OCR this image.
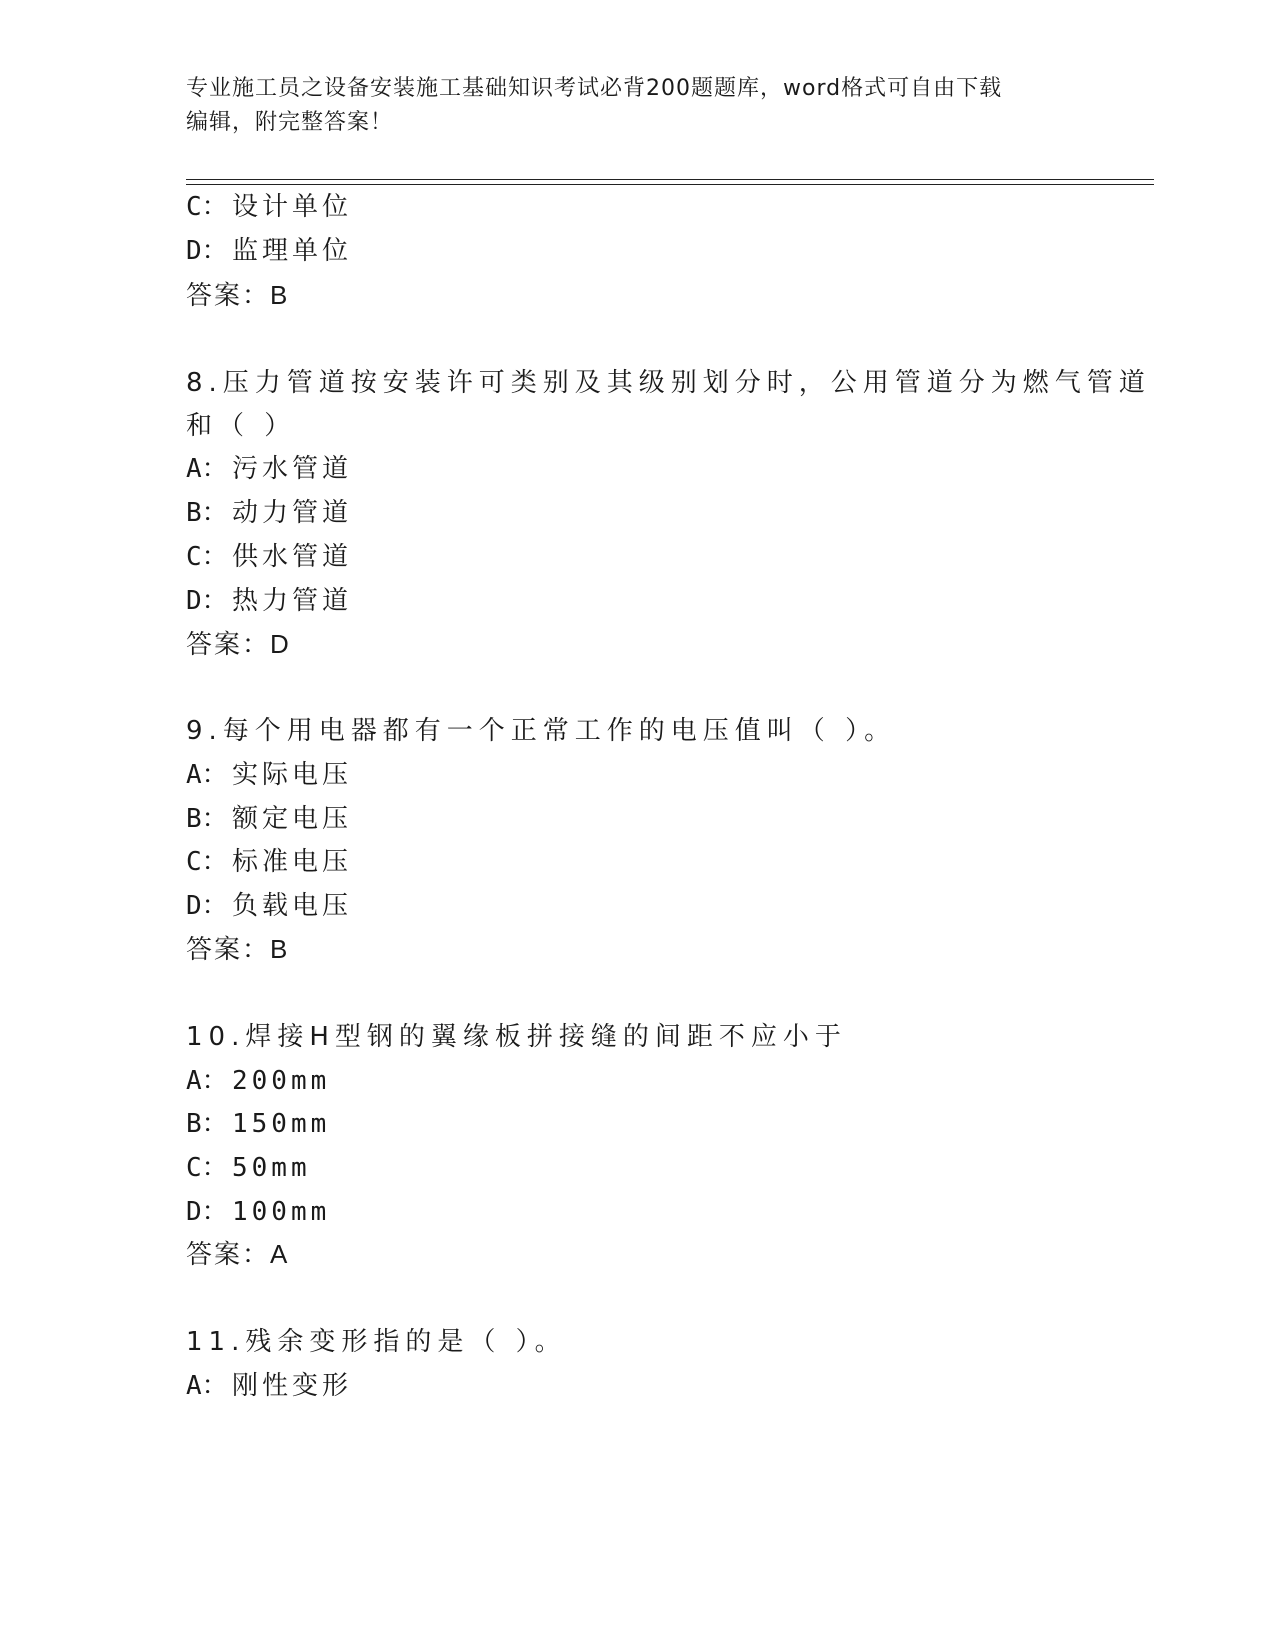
专业施工员之设备安装施工基础知识考试必背200题题库，word格式可自由下载
编辑，附完整答案！
C： 设计单位
D： 监理单位
答案：B
8.压力管道按安装许可类别及其级别划分时，公用管道分为燃气管道
和（ ）
A： 污水管道
B： 动力管道
C： 供水管道
D： 热力管道
答案：D
9.每个用电器都有一个正常工作的电压值叫（ ）。
A： 实际电压
B： 额定电压
C： 标准电压
D： 负载电压
答案：B
10.焊接H型钢的翼缘板拼接缝的间距不应小于
A： 200mm
B： 150mm
C： 50mm
D： 100mm
答案：A
11.残余变形指的是（ ）。
A： 刚性变形
